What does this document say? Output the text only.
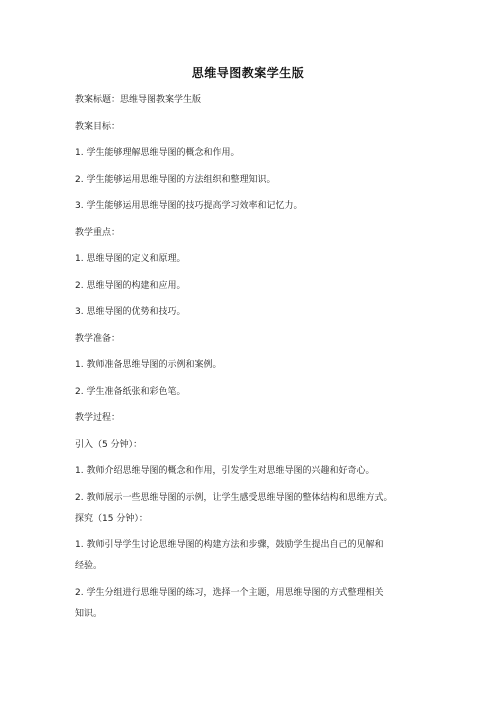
思维导图教案学生版
教案标题：思维导图教案学生版
教案目标：
1. 学生能够理解思维导图的概念和作用。
2. 学生能够运用思维导图的方法组织和整理知识。
3. 学生能够运用思维导图的技巧提高学习效率和记忆力。
教学重点：
1. 思维导图的定义和原理。
2. 思维导图的构建和应用。
3. 思维导图的优势和技巧。
教学准备：
1. 教师准备思维导图的示例和案例。
2. 学生准备纸张和彩色笔。
教学过程：
引入（5 分钟）：
1. 教师介绍思维导图的概念和作用，引发学生对思维导图的兴趣和好奇心。
2. 教师展示一些思维导图的示例，让学生感受思维导图的整体结构和思维方式。
探究（15 分钟）：
1. 教师引导学生讨论思维导图的构建方法和步骤，鼓励学生提出自己的见解和
经验。
2. 学生分组进行思维导图的练习，选择一个主题，用思维导图的方式整理相关
知识。
